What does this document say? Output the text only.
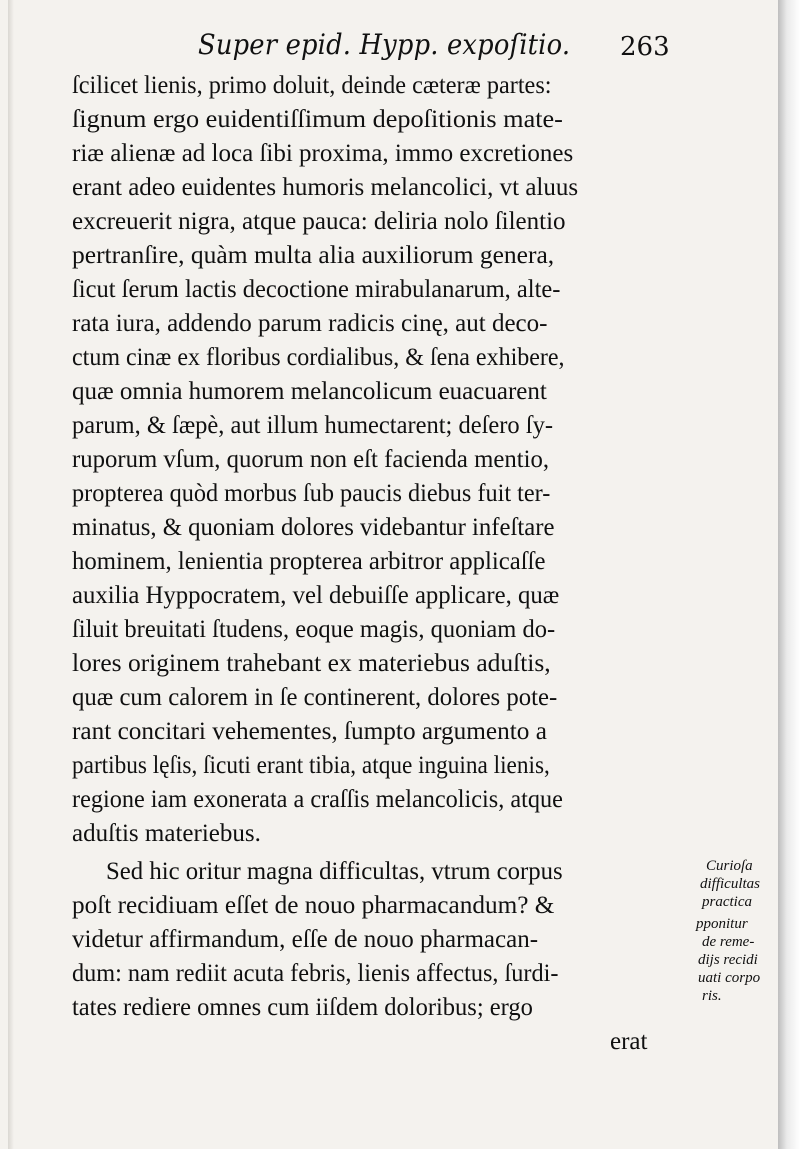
Super epid. Hypp. expoſitio. 263
ſcilicet lienis, primo doluit, deinde cæteræ partes:
ſignum ergo euidentiſſimum depoſitionis mate-
riæ alienæ ad loca ſibi proxima, immo excretiones
erant adeo euidentes humoris melancolici, vt aluus
excreuerit nigra, atque pauca: deliria nolo ſilentio
pertranſire, quàm multa alia auxiliorum genera,
ſicut ſerum lactis decoctione mirabulanarum, alte-
rata iura, addendo parum radicis cinę, aut deco-
ctum cinæ ex floribus cordialibus, & ſena exhibere,
quæ omnia humorem melancolicum euacuarent
parum, & ſæpè, aut illum humectarent; deſero ſy-
ruporum vſum, quorum non eſt facienda mentio,
propterea quòd morbus ſub paucis diebus fuit ter-
minatus, & quoniam dolores videbantur infeſtare
hominem, lenientia propterea arbitror applicaſſe
auxilia Hyppocratem, vel debuiſſe applicare, quæ
ſiluit breuitati ſtudens, eoque magis, quoniam do-
lores originem trahebant ex materiebus aduſtis,
quæ cum calorem in ſe continerent, dolores pote-
rant concitari vehementes, ſumpto argumento a
partibus lęſis, ſicuti erant tibia, atque inguina lienis,
regione iam exonerata a craſſis melancolicis, atque
aduſtis materiebus.
Sed hic oritur magna difficultas, vtrum corpus
poſt recidiuam eſſet de nouo pharmacandum? &
videtur affirmandum, eſſe de nouo pharmacan-
dum: nam rediit acuta febris, lienis affectus, ſurdi-
tates rediere omnes cum iiſdem doloribus; ergo
erat
Curioſa
difficultas
practica
pponitur
de reme-
dijs recidi
uati corpo
ris.
